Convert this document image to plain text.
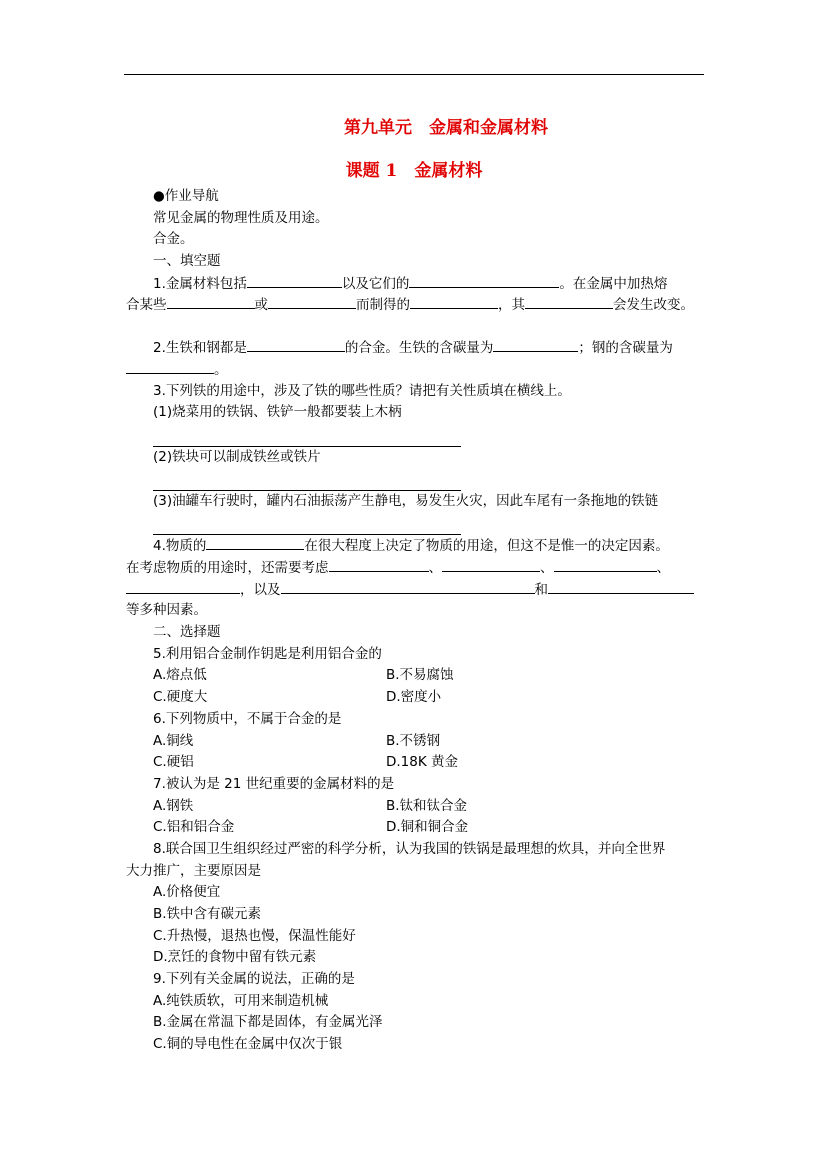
第九单元　金属和金属材料
课题 1　金属材料
●作业导航
常见金属的物理性质及用途。
合金。
一、填空题
1.金属材料包括	以及它们的	。在金属中加热熔
合某些	或	而制得的	，其	会发生改变。
2.生铁和钢都是	的合金。生铁的含碳量为	；钢的含碳量为
。
3.下列铁的用途中，涉及了铁的哪些性质？请把有关性质填在横线上。
(1)烧菜用的铁锅、铁铲一般都要装上木柄
(2)铁块可以制成铁丝或铁片
(3)油罐车行驶时，罐内石油振荡产生静电，易发生火灾，因此车尾有一条拖地的铁链
4.物质的	在很大程度上决定了物质的用途，但这不是惟一的决定因素。
在考虑物质的用途时，还需要考虑	、	、	、
，以及	和
等多种因素。
二、选择题
5.利用铝合金制作钥匙是利用铝合金的
A.熔点低	B.不易腐蚀
C.硬度大	D.密度小
6.下列物质中，不属于合金的是
A.铜线	B.不锈钢
C.硬铝	D.18K 黄金
7.被认为是 21 世纪重要的金属材料的是
A.钢铁	B.钛和钛合金
C.铝和铝合金	D.铜和铜合金
8.联合国卫生组织经过严密的科学分析，认为我国的铁锅是最理想的炊具，并向全世界
大力推广，主要原因是
A.价格便宜
B.铁中含有碳元素
C.升热慢，退热也慢，保温性能好
D.烹饪的食物中留有铁元素
9.下列有关金属的说法，正确的是
A.纯铁质软，可用来制造机械
B.金属在常温下都是固体，有金属光泽
C.铜的导电性在金属中仅次于银
